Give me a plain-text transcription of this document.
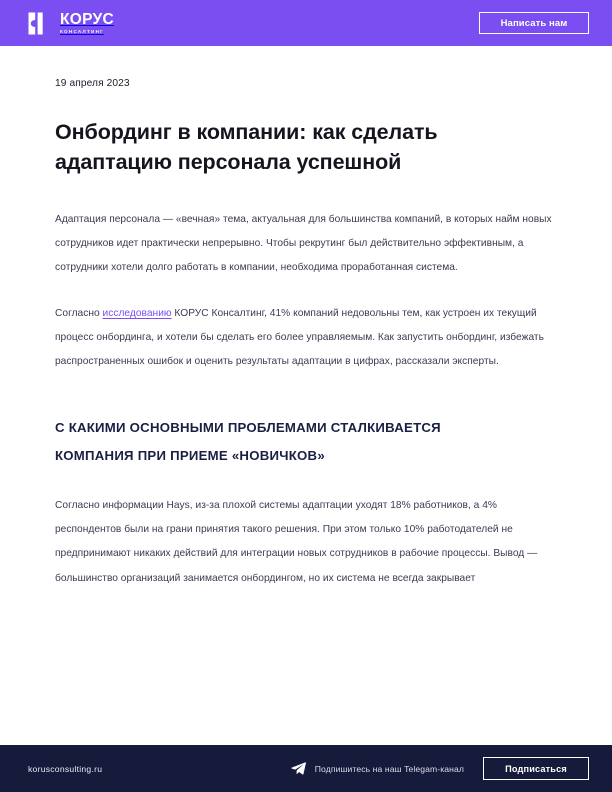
КОРУС
КОНСАЛТИНГ
Написать нам
19 апреля 2023
Онбординг в компании: как сделать адаптацию персонала успешной

Адаптация персонала — «вечная» тема, актуальная для большинства компаний, в которых найм новых сотрудников идет практически непрерывно. Чтобы рекрутинг был действительно эффективным, а сотрудники хотели долго работать в компании, необходима проработанная система.

Согласно исследованию КОРУС Консалтинг, 41% компаний недовольны тем, как устроен их текущий процесс онбординга, и хотели бы сделать его более управляемым. Как запустить онбординг, избежать распространенных ошибок и оценить результаты адаптации в цифрах, рассказали эксперты.

С КАКИМИ ОСНОВНЫМИ ПРОБЛЕМАМИ СТАЛКИВАЕТСЯ КОМПАНИЯ ПРИ ПРИЕМЕ «НОВИЧКОВ»

Согласно информации Hays, из-за плохой системы адаптации уходят 18% работников, а 4% респондентов были на грани принятия такого решения. При этом только 10% работодателей не предпринимают никаких действий для интеграции новых сотрудников в рабочие процессы. Вывод — большинство организаций занимается онбордингом, но их система не всегда закрывает

korusconsulting.ru	Подпишитесь на наш Telegam-канал	Подписаться
